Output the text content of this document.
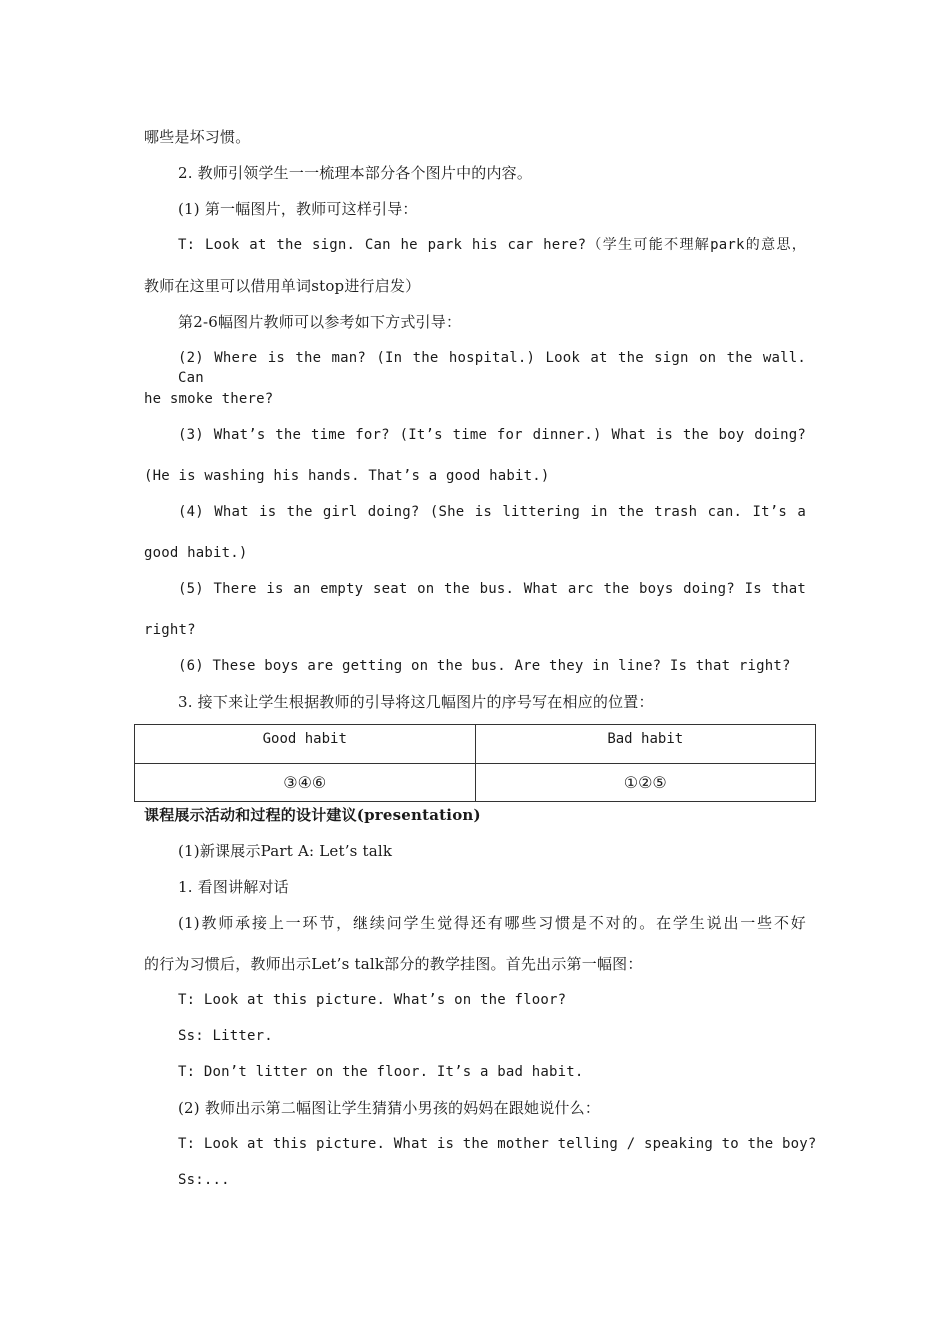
哪些是坏习惯。
2. 教师引领学生一一梳理本部分各个图片中的内容。
(1) 第一幅图片，教师可这样引导：
T: Look at the sign. Can he park his car here?（学生可能不理解park的意思，
教师在这里可以借用单词stop进行启发）
第2-6幅图片教师可以参考如下方式引导：
(2) Where is the man? (In the hospital.) Look at the sign on the wall. Can
he smoke there?
(3) What’s the time for? (It’s time for dinner.) What is the boy doing?
(He is washing his hands. That’s a good habit.)
(4) What is the girl doing? (She is littering in the trash can. It’s a
good habit.)
(5) There is an empty seat on the bus. What arc the boys doing? Is that
right?
(6) These boys are getting on the bus. Are they in line? Is that right?
3. 接下来让学生根据教师的引导将这几幅图片的序号写在相应的位置：
Good habit	Bad habit
③④⑥	①②⑤
课程展示活动和过程的设计建议(presentation)
(1)新课展示Part A: Let’s talk
1. 看图讲解对话
(1)教师承接上一环节，继续问学生觉得还有哪些习惯是不对的。在学生说出一些不好
的行为习惯后，教师出示Let’s talk部分的教学挂图。首先出示第一幅图：
T: Look at this picture. What’s on the floor?
Ss: Litter.
T: Don’t litter on the floor. It’s a bad habit.
(2) 教师出示第二幅图让学生猜猜小男孩的妈妈在跟她说什么：
T: Look at this picture. What is the mother telling / speaking to the boy?
Ss:...
